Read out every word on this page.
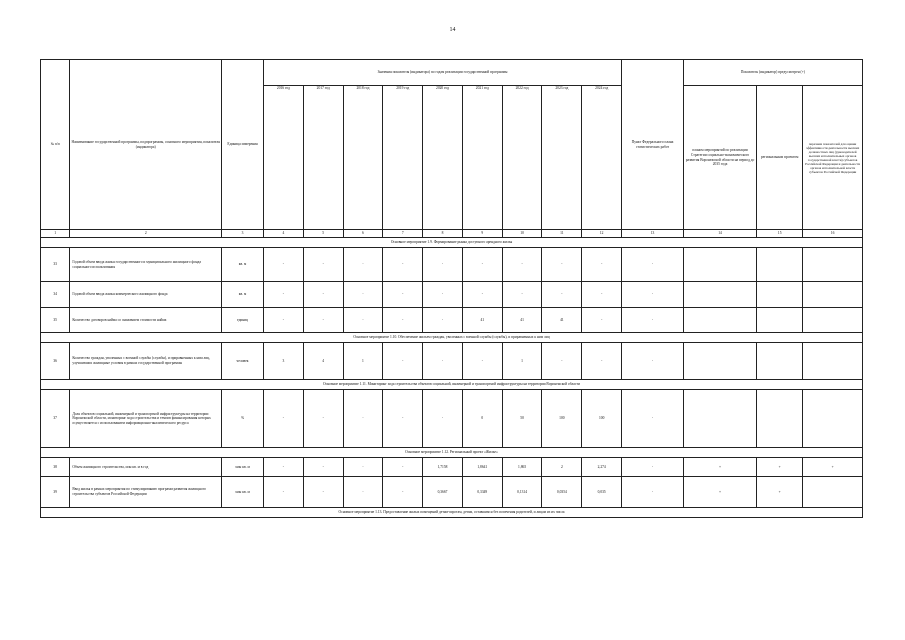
14
№ п/п	Наименование государственной программы, подпрограммы, основного мероприятия, показателя (индикатора)	Единица измерения	Значения показателя (индикатора) по годам реализации государственной программы									Пункт Федерального плана статистических работ	Показатель (индикатор) предусмотрен (+)		
			2016 год	2017 год	2018 год	2019 год	2020 год	2021 год	2022 год	2023 год	2024 год		планом мероприятий по реализации Стратегии социально-экономического развития Воронежской области на период до 2035 года	региональным проектом	перечнем показателей для оценки эффективности деятельности высших должностных лиц (руководителей высших исполнительных органов государственной власти) субъектов Российской Федерации и деятельности органов исполнительной власти субъектов Российской Федерации
1	2	3	4	5	6	7	8	9	10	11	12	13	14	15	16
Основное мероприятие 1.9. Формирование рынка доступного арендного жилья															
33	Годовой объем ввода жилья государственного и муниципального жилищного фонда социального использования	кв. м	-	-	-	-	-	-	-	-	-	-			
34	Годовой объем ввода жилья коммерческого жилищного фонда	кв. м	-	-	-	-	-	-	-	-	-	-			
35	Количество договоров найма со снижением стоимости найма	единиц	-	-	-	-	-	41	41	41	-	-			
Основное мероприятие 1.10. Обеспечение жильем граждан, уволенных с военной службы (службы), и приравненных к ним лиц															
36	Количество граждан, уволенных с военной службы (службы), и приравненных к ним лиц, улучшивших жилищные условия в рамках государственной программы	человек	3	4	1	-	-	-	1	-	-	-			
Основное мероприятие 1.11. Мониторинг хода строительства объектов социальной, инженерной и транспортной инфраструктуры на территории Воронежской области															
37	Доля объектов социальной, инженерной и транспортной инфраструктуры на территории Воронежской области, мониторинг хода строительства и темпов финансирования которых осуществляется с использованием информационно-аналитического ресурса	%	-	-	-	-	-	0	50	100	100	-			
Основное мероприятие 1.12. Региональный проект «Жилье»															
38	Объем жилищного строительства, млн кв. м в год	млн кв. м	-	-	-	-	1,7158	1,8641	1,865	2	2,274	-	+	+	+
39	Ввод жилья в рамках мероприятия по стимулированию программ развития жилищного строительства субъектов Российской Федерации	млн кв. м	-	-	-	-	0,3667	0,3349	0,1314	0,0354	0,035	-	+	+	
Основное мероприятие 1.13. Предоставление жилых помещений детям-сиротам, детям, оставшимся без попечения родителей, и лицам из их числа															
